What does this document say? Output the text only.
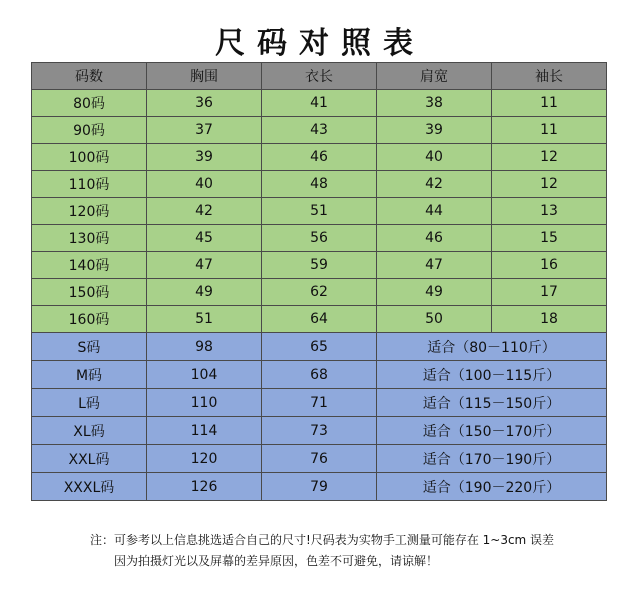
尺码对照表
码数	胸围	衣长	肩宽	袖长
80码	36	41	38	11
90码	37	43	39	11
100码	39	46	40	12
110码	40	48	42	12
120码	42	51	44	13
130码	45	56	46	15
140码	47	59	47	16
150码	49	62	49	17
160码	51	64	50	18
S码	98	65	适合（80－110斤）	
M码	104	68	适合（100－115斤）	
L码	110	71	适合（115－150斤）	
XL码	114	73	适合（150－170斤）	
XXL码	120	76	适合（170－190斤）	
XXXL码	126	79	适合（190－220斤）	
注：可参考以上信息挑选适合自己的尺寸!尺码表为实物手工测量可能存在 1~3cm 误差
因为拍摄灯光以及屏幕的差异原因，色差不可避免，请谅解！
